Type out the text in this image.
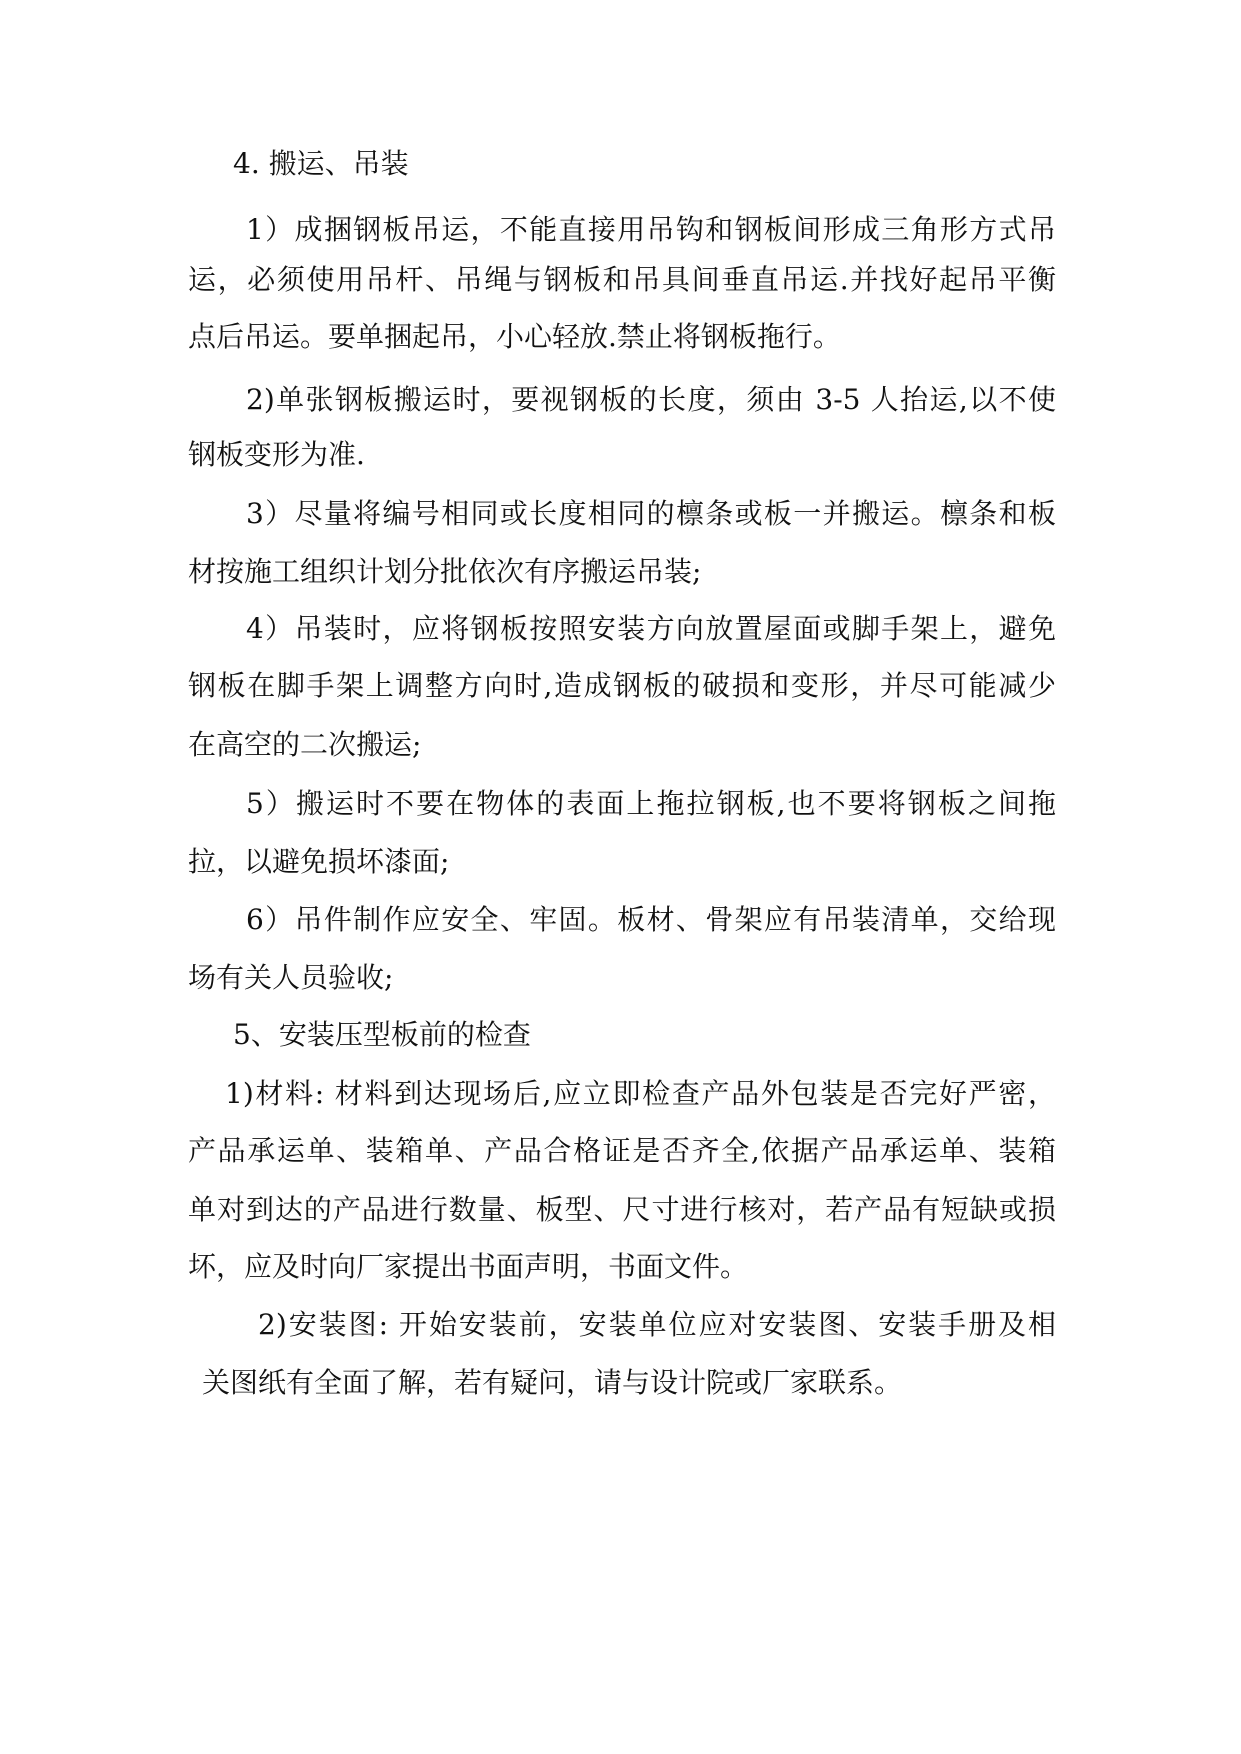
4. 搬运、吊装
1）成捆钢板吊运，不能直接用吊钩和钢板间形成三角形方式吊
运，必须使用吊杆、吊绳与钢板和吊具间垂直吊运.并找好起吊平衡
点后吊运。要单捆起吊，小心轻放.禁止将钢板拖行。
2)单张钢板搬运时，要视钢板的长度，须由 3-5 人抬运,以不使
钢板变形为准.
3）尽量将编号相同或长度相同的檩条或板一并搬运。檩条和板
材按施工组织计划分批依次有序搬运吊装;
4）吊装时，应将钢板按照安装方向放置屋面或脚手架上，避免
钢板在脚手架上调整方向时,造成钢板的破损和变形，并尽可能减少
在高空的二次搬运;
5）搬运时不要在物体的表面上拖拉钢板,也不要将钢板之间拖
拉，以避免损坏漆面;
6）吊件制作应安全、牢固。板材、骨架应有吊装清单，交给现
场有关人员验收;
5、安装压型板前的检查
1)材料: 材料到达现场后,应立即检查产品外包装是否完好严密，
产品承运单、装箱单、产品合格证是否齐全,依据产品承运单、装箱
单对到达的产品进行数量、板型、尺寸进行核对，若产品有短缺或损
坏，应及时向厂家提出书面声明，书面文件。
2)安装图: 开始安装前，安装单位应对安装图、安装手册及相
关图纸有全面了解，若有疑问，请与设计院或厂家联系。
